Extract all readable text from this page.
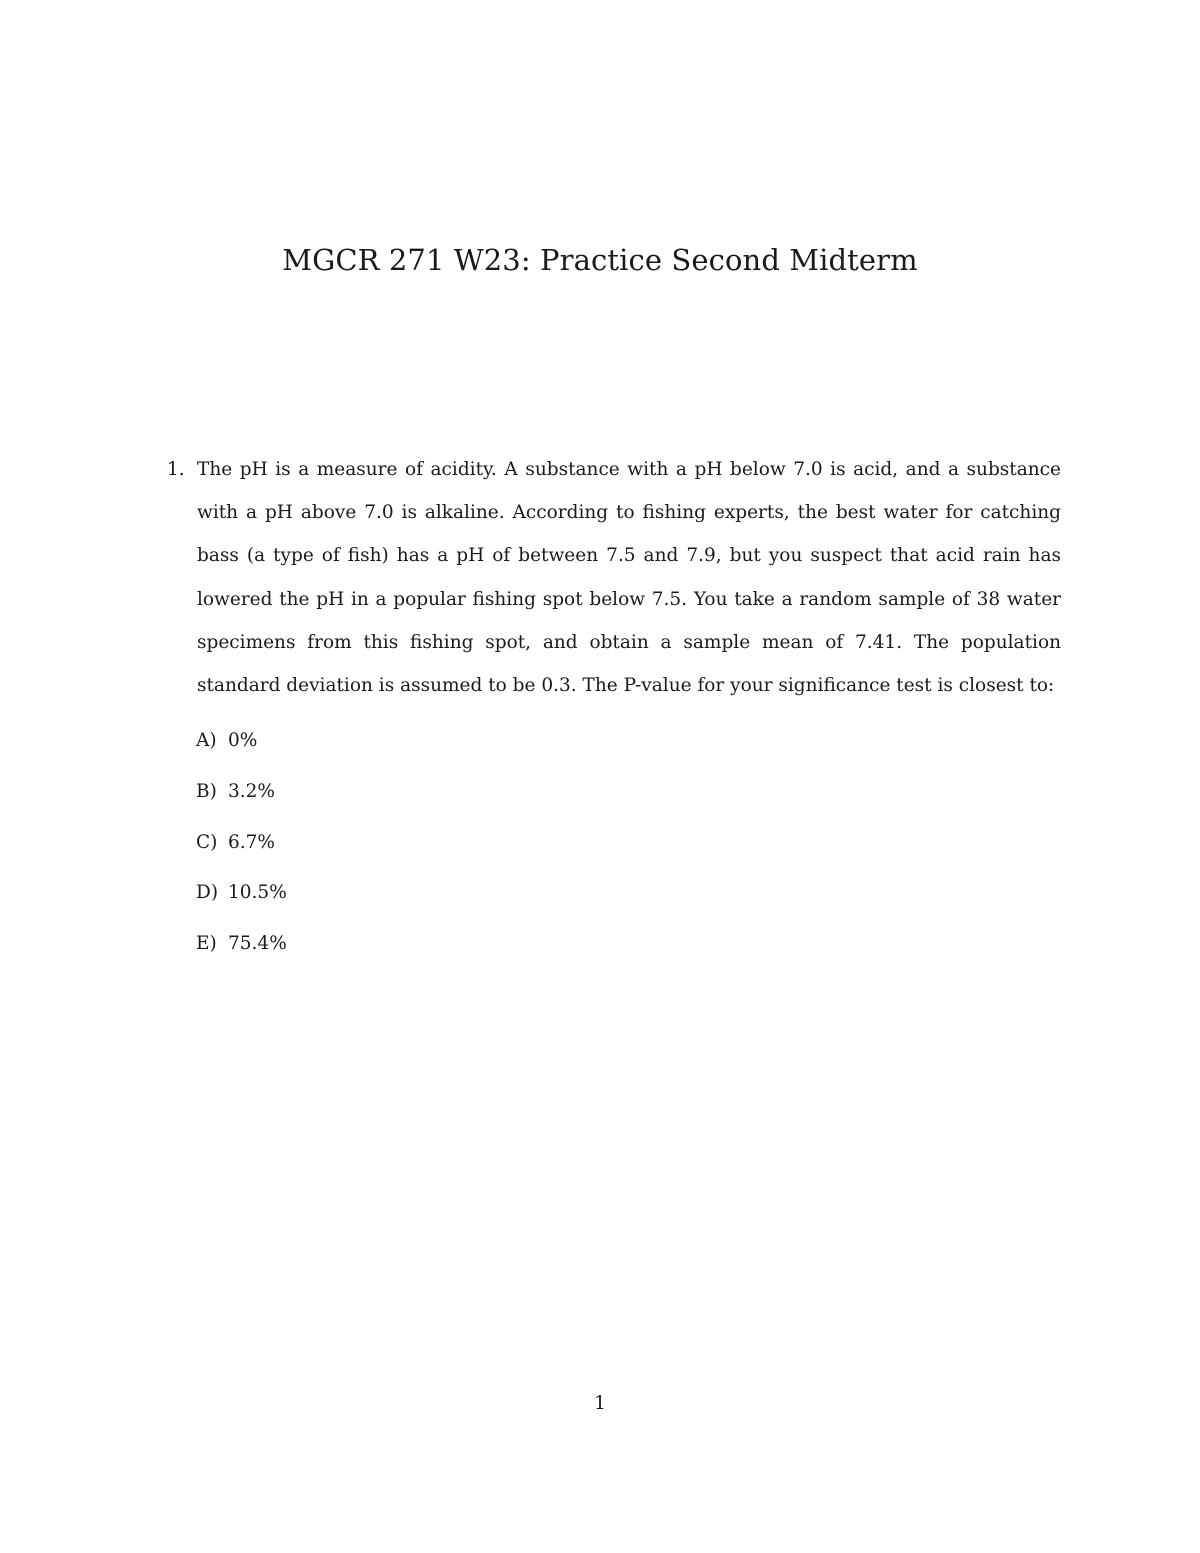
MGCR 271 W23: Practice Second Midterm
1. The pH is a measure of acidity. A substance with a pH below 7.0 is acid, and a substance with a pH above 7.0 is alkaline. According to fishing experts, the best water for catching bass (a type of fish) has a pH of between 7.5 and 7.9, but you suspect that acid rain has lowered the pH in a popular fishing spot below 7.5. You take a random sample of 38 water specimens from this fishing spot, and obtain a sample mean of 7.41. The population standard deviation is assumed to be 0.3. The P-value for your significance test is closest to:

A) 0%
B) 3.2%
C) 6.7%
D) 10.5%
E) 75.4%
1
